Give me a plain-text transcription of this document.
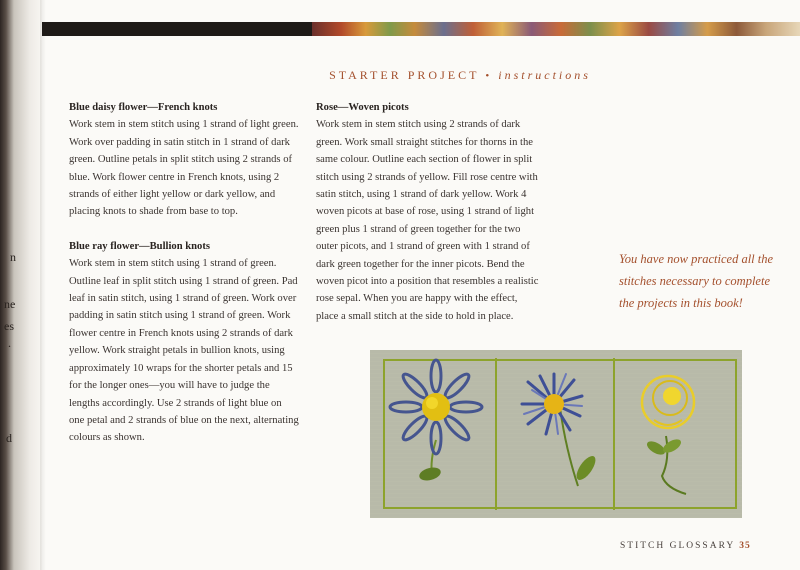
n
ne
es
.
d
STARTER PROJECT • instructions
Blue daisy flower—French knots

Work stem in stem stitch using 1 strand of light green. Work over padding in satin stitch in 1 strand of dark green. Outline petals in split stitch using 2 strands of blue. Work flower centre in French knots, using 2 strands of either light yellow or dark yellow, and placing knots to shade from base to top.

Blue ray flower—Bullion knots

Work stem in stem stitch using 1 strand of green. Outline leaf in split stitch using 1 strand of green. Pad leaf in satin stitch, using 1 strand of green. Work over padding in satin stitch using 1 strand of green. Work flower centre in French knots using 2 strands of dark yellow. Work straight petals in bullion knots, using approximately 10 wraps for the shorter petals and 15 for the longer ones—you will have to judge the lengths accordingly. Use 2 strands of light blue on one petal and 2 strands of blue on the next, alternating colours as shown.

Rose—Woven picots

Work stem in stem stitch using 2 strands of dark green. Work small straight stitches for thorns in the same colour. Outline each section of flower in split stitch using 2 strands of yellow. Fill rose centre with satin stitch, using 1 strand of dark yellow. Work 4 woven picots at base of rose, using 1 strand of light green plus 1 strand of green together for the two outer picots, and 1 strand of green with 1 strand of dark green together for the inner picots. Bend the woven picot into a position that resembles a realistic rose sepal. When you are happy with the effect, place a small stitch at the side to hold in place.

You have now practiced all the stitches necessary to complete the projects in this book!
STITCH GLOSSARY 35
